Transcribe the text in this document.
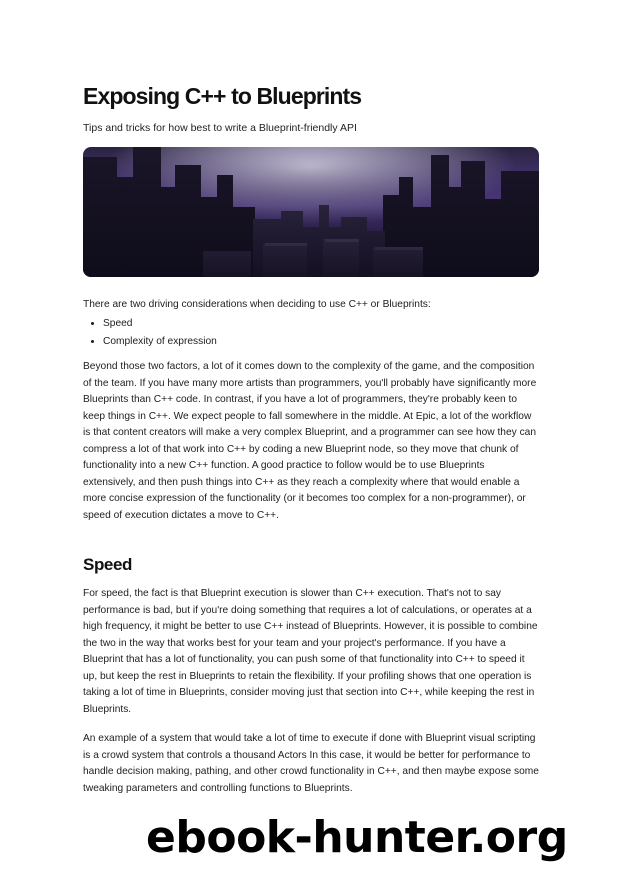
Exposing C++ to Blueprints

Tips and tricks for how best to write a Blueprint-friendly API

There are two driving considerations when deciding to use C++ or Blueprints:

• Speed
• Complexity of expression

Beyond those two factors, a lot of it comes down to the complexity of the game, and the composition of the team. If you have many more artists than programmers, you'll probably have significantly more Blueprints than C++ code. In contrast, if you have a lot of programmers, they're probably keen to keep things in C++. We expect people to fall somewhere in the middle. At Epic, a lot of the workflow is that content creators will make a very complex Blueprint, and a programmer can see how they can compress a lot of that work into C++ by coding a new Blueprint node, so they move that chunk of functionality into a new C++ function. A good practice to follow would be to use Blueprints extensively, and then push things into C++ as they reach a complexity where that would enable a more concise expression of the functionality (or it becomes too complex for a non-programmer), or speed of execution dictates a move to C++.

Speed

For speed, the fact is that Blueprint execution is slower than C++ execution. That's not to say performance is bad, but if you're doing something that requires a lot of calculations, or operates at a high frequency, it might be better to use C++ instead of Blueprints. However, it is possible to combine the two in the way that works best for your team and your project's performance. If you have a Blueprint that has a lot of functionality, you can push some of that functionality into C++ to speed it up, but keep the rest in Blueprints to retain the flexibility. If your profiling shows that one operation is taking a lot of time in Blueprints, consider moving just that section into C++, while keeping the rest in Blueprints.

An example of a system that would take a lot of time to execute if done with Blueprint visual scripting is a crowd system that controls a thousand Actors In this case, it would be better for performance to handle decision making, pathing, and other crowd functionality in C++, and then maybe expose some tweaking parameters and controlling functions to Blueprints.

ebook-hunter.org
